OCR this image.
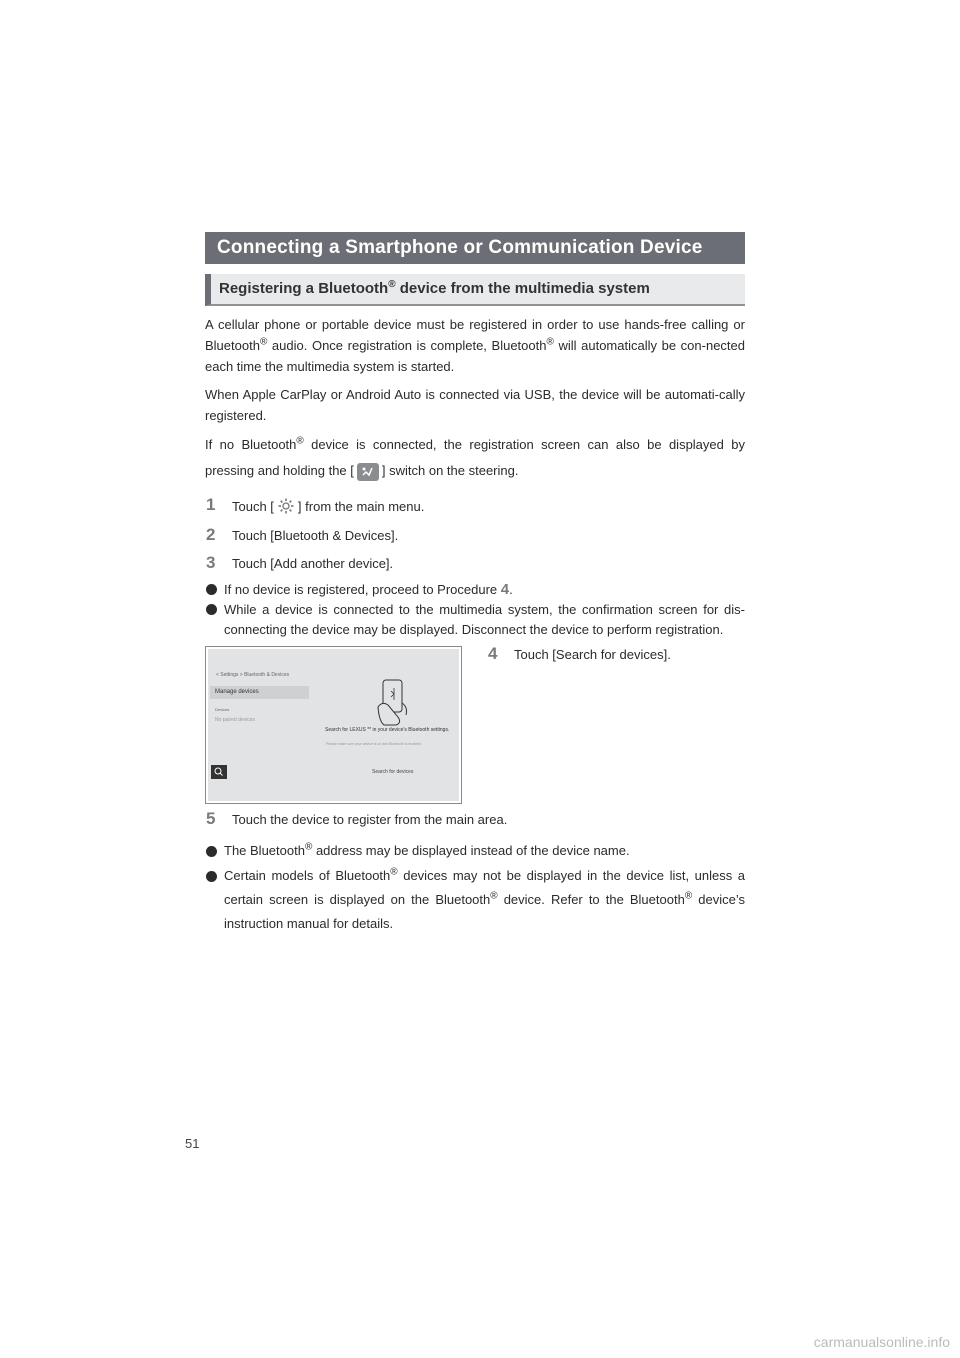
Connecting a Smartphone or Communication Device
Registering a Bluetooth® device from the multimedia system
A cellular phone or portable device must be registered in order to use hands-free calling or Bluetooth® audio. Once registration is complete, Bluetooth® will automatically be con-nected each time the multimedia system is started.
When Apple CarPlay or Android Auto is connected via USB, the device will be automati-cally registered.
If no Bluetooth® device is connected, the registration screen can also be displayed by pressing and holding the [ ] switch on the steering.
1 Touch [ ] from the main menu.
2 Touch [Bluetooth & Devices].
3 Touch [Add another device].
If no device is registered, proceed to Procedure 4.
While a device is connected to the multimedia system, the confirmation screen for dis-connecting the device may be displayed. Disconnect the device to perform registration.
< Settings > Bluetooth & Devices
Manage devices
Devices
No paired devices
Search for LEXUS ** in your device's Bluetooth settings.
Please make sure your device is on and Bluetooth is enabled.
Search for devices
4 Touch [Search for devices].
5 Touch the device to register from the main area.
The Bluetooth® address may be displayed instead of the device name.
Certain models of Bluetooth® devices may not be displayed in the device list, unless a certain screen is displayed on the Bluetooth® device. Refer to the Bluetooth® device’s instruction manual for details.
51
carmanualsonline.info
